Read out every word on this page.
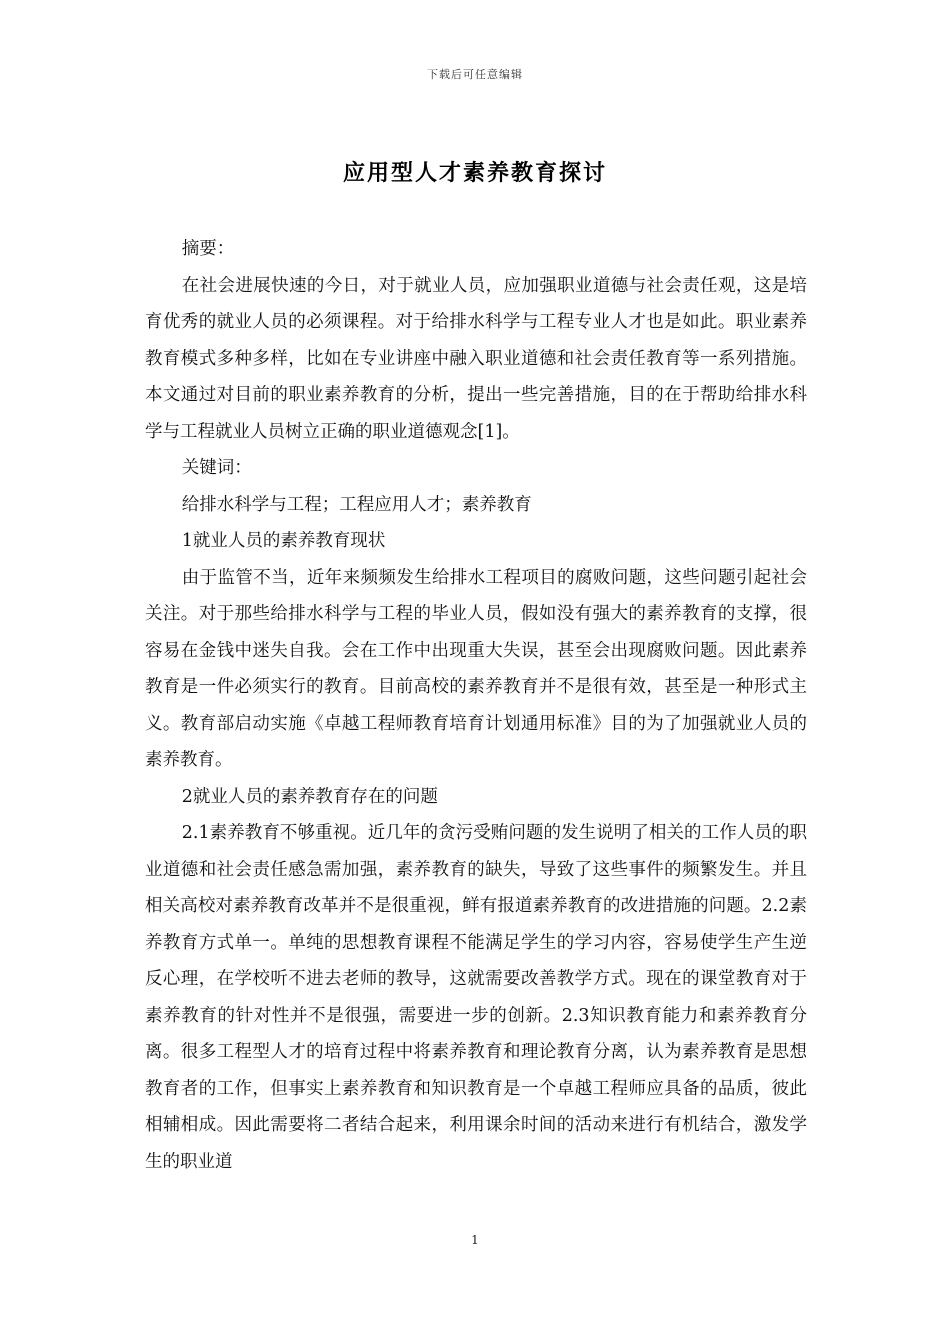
下载后可任意编辑
应用型人才素养教育探讨

摘要：

在社会进展快速的今日，对于就业人员，应加强职业道德与社会责任观，这是培育优秀的就业人员的必须课程。对于给排水科学与工程专业人才也是如此。职业素养教育模式多种多样，比如在专业讲座中融入职业道德和社会责任教育等一系列措施。本文通过对目前的职业素养教育的分析，提出一些完善措施，目的在于帮助给排水科学与工程就业人员树立正确的职业道德观念[1]。

关键词：

给排水科学与工程；工程应用人才；素养教育

1就业人员的素养教育现状

由于监管不当，近年来频频发生给排水工程项目的腐败问题，这些问题引起社会关注。对于那些给排水科学与工程的毕业人员，假如没有强大的素养教育的支撑，很容易在金钱中迷失自我。会在工作中出现重大失误，甚至会出现腐败问题。因此素养教育是一件必须实行的教育。目前高校的素养教育并不是很有效，甚至是一种形式主义。教育部启动实施《卓越工程师教育培育计划通用标准》目的为了加强就业人员的素养教育。

2就业人员的素养教育存在的问题

2.1素养教育不够重视。近几年的贪污受贿问题的发生说明了相关的工作人员的职业道德和社会责任感急需加强，素养教育的缺失，导致了这些事件的频繁发生。并且相关高校对素养教育改革并不是很重视，鲜有报道素养教育的改进措施的问题。2.2素养教育方式单一。单纯的思想教育课程不能满足学生的学习内容，容易使学生产生逆反心理，在学校听不进去老师的教导，这就需要改善教学方式。现在的课堂教育对于素养教育的针对性并不是很强，需要进一步的创新。2.3知识教育能力和素养教育分离。很多工程型人才的培育过程中将素养教育和理论教育分离，认为素养教育是思想教育者的工作，但事实上素养教育和知识教育是一个卓越工程师应具备的品质，彼此相辅相成。因此需要将二者结合起来，利用课余时间的活动来进行有机结合，激发学生的职业道

1
